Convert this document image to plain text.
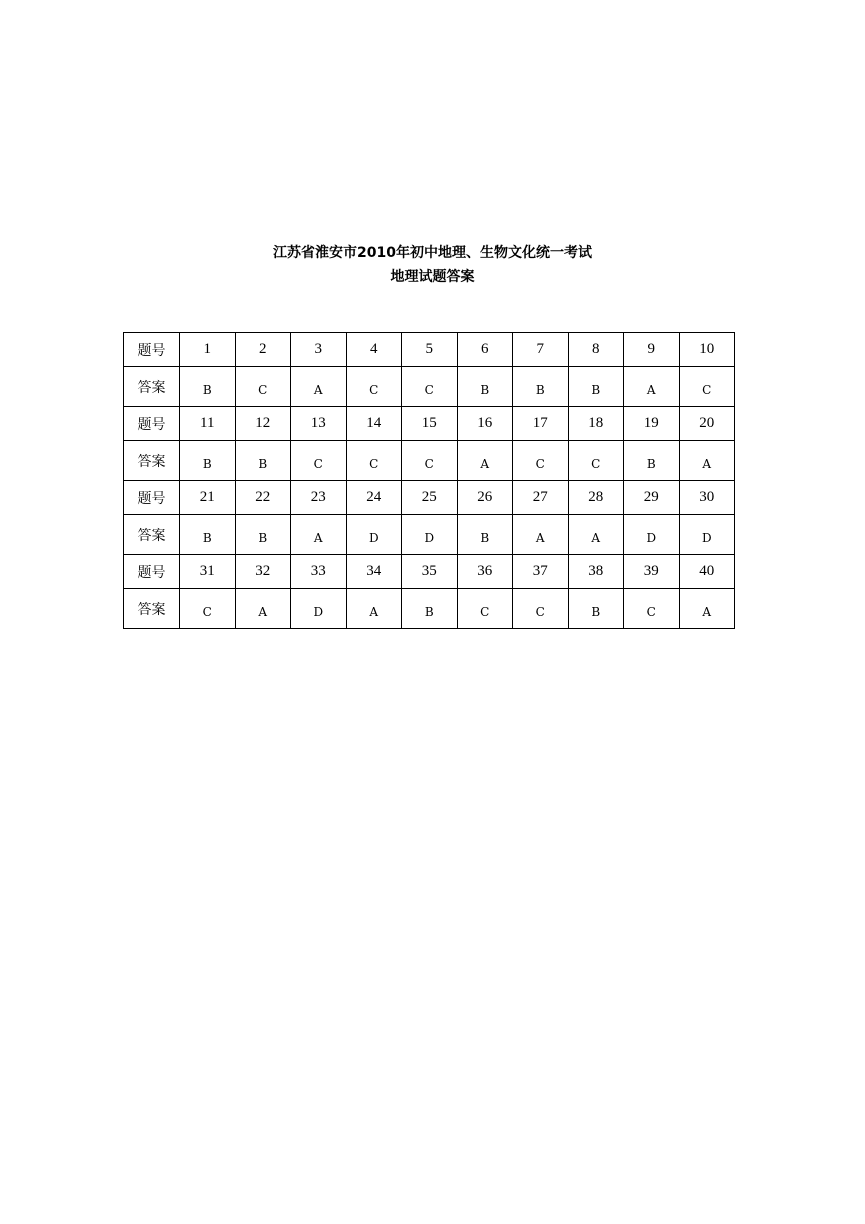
江苏省淮安市2010年初中地理、生物文化统一考试
地理试题答案
题号	1	2	3	4	5	6	7	8	9	10
答案	B	C	A	C	C	B	B	B	A	C
题号	11	12	13	14	15	16	17	18	19	20
答案	B	B	C	C	C	A	C	C	B	A
题号	21	22	23	24	25	26	27	28	29	30
答案	B	B	A	D	D	B	A	A	D	D
题号	31	32	33	34	35	36	37	38	39	40
答案	C	A	D	A	B	C	C	B	C	A
